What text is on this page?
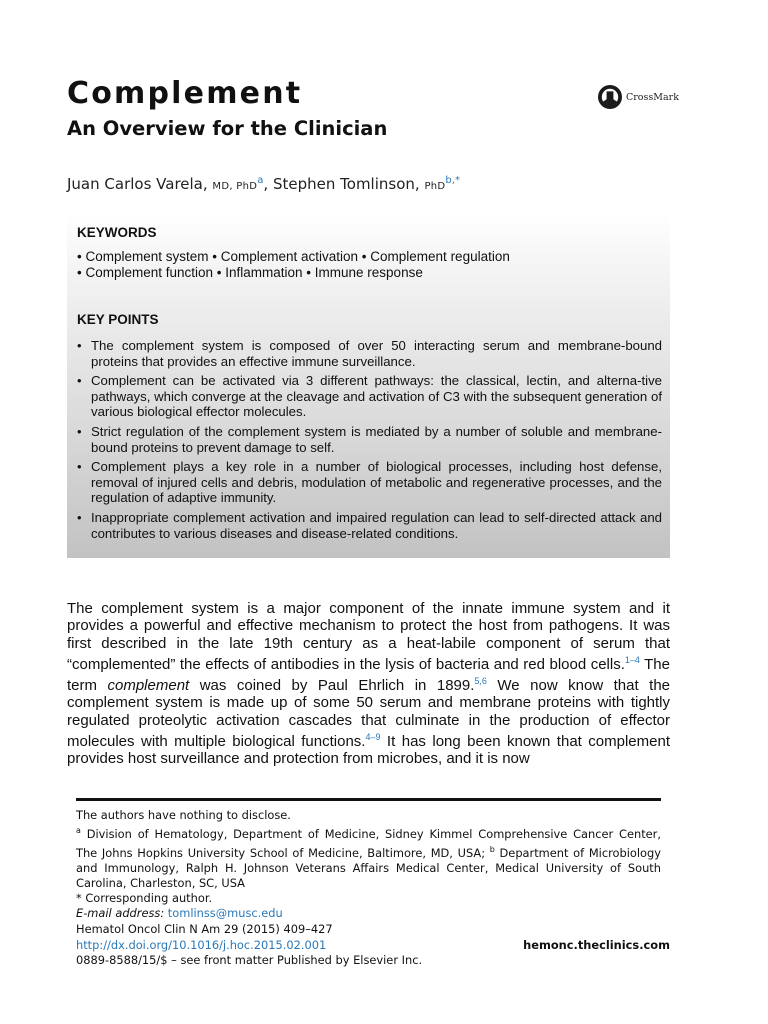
Complement
An Overview for the Clinician
CrossMark
Juan Carlos Varela, MD, PhD$^a$, Stephen Tomlinson, PhD$^{b,*}$
KEYWORDS
• Complement system • Complement activation • Complement regulation
• Complement function • Inflammation • Immune response
KEY POINTS
• The complement system is composed of over 50 interacting serum and membrane-bound proteins that provides an effective immune surveillance.
• Complement can be activated via 3 different pathways: the classical, lectin, and alterna-tive pathways, which converge at the cleavage and activation of C3 with the subsequent generation of various biological effector molecules.
• Strict regulation of the complement system is mediated by a number of soluble and membrane-bound proteins to prevent damage to self.
• Complement plays a key role in a number of biological processes, including host defense, removal of injured cells and debris, modulation of metabolic and regenerative processes, and the regulation of adaptive immunity.
• Inappropriate complement activation and impaired regulation can lead to self-directed attack and contributes to various diseases and disease-related conditions.

The complement system is a major component of the innate immune system and it provides a powerful and effective mechanism to protect the host from pathogens. It was first described in the late 19th century as a heat-labile component of serum that “complemented” the effects of antibodies in the lysis of bacteria and red blood cells.$^{1-4}$ The term complement was coined by Paul Ehrlich in 1899.$^{5,6}$ We now know that the complement system is made up of some 50 serum and membrane proteins with tightly regulated proteolytic activation cascades that culminate in the production of effector molecules with multiple biological functions.$^{4-9}$ It has long been known that complement provides host surveillance and protection from microbes, and it is now

The authors have nothing to disclose.

$^a$ Division of Hematology, Department of Medicine, Sidney Kimmel Comprehensive Cancer Center, The Johns Hopkins University School of Medicine, Baltimore, MD, USA; $^b$ Department of Microbiology and Immunology, Ralph H. Johnson Veterans Affairs Medical Center, Medical University of South Carolina, Charleston, SC, USA

* Corresponding author.

E-mail address: tomlinss@musc.edu

Hematol Oncol Clin N Am 29 (2015) 409–427
http://dx.doi.org/10.1016/j.hoc.2015.02.001	hemonc.theclinics.com
0889-8588/15/$ – see front matter Published by Elsevier Inc.
